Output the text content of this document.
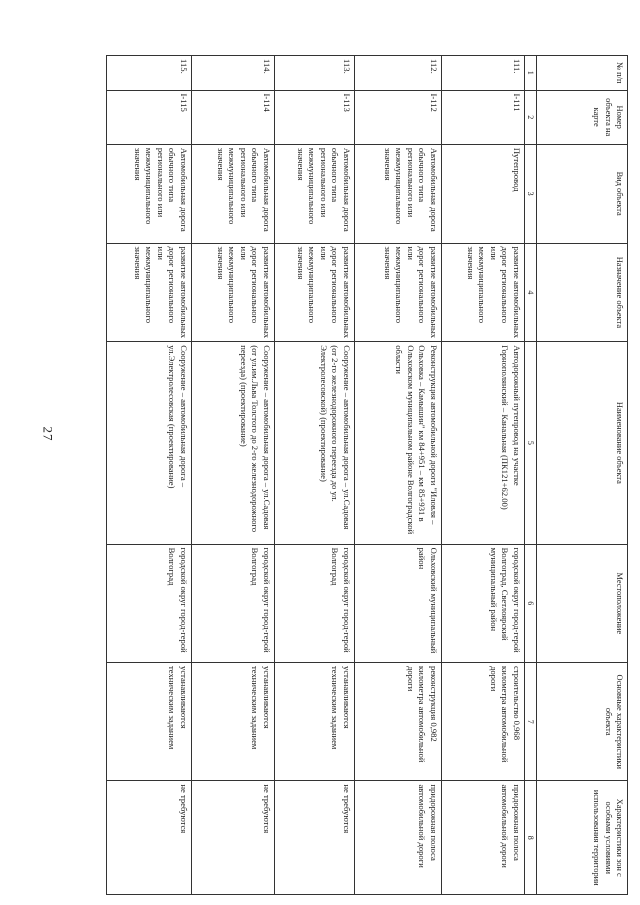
27
№ п/п	Номер объекта на карте	Вид объекта	Назначение объекта	Наименование объекта	Местоположение	Основные характеристики объекта	Характеристики зон с особыми условиями использования территории
1	2	3	4	5	6	7	8
111.	I-111	Путепровод	развитие автомобильных дорог регионального или межмуниципального значения	Автодорожный путепровод на участке Горнополянский – Канальная (ПК121+62.00)	городской округ город-герой Волгоград, Светлоярский муниципальный район	строительство 0,968 километра автомобильной дороги	придорожная полоса автомобильной дороги
112.	I-112	Автомобильная дорога обычного типа регионального или межмуниципального значения	развитие автомобильных дорог регионального или межмуниципального значения	Реконструкция автомобильной дороги "Иловля – Ольховка – Камышин" км 84+951 – км 85+931 в Ольховском муниципальном районе Волгоградской области	Ольховский муниципальный район	реконструкция 0,982 километра автомобильной дороги	придорожная полоса автомобильной дороги
113.	I-113	Автомобильная дорога обычного типа регионального или межмуниципального значения	развитие автомобильных дорог регионального или межмуниципального значения	Сооружение – автомобильная дорога – ул.Садовая (от 2-го железнодорожного переезда до ул. Электролесовской) (проектирование)	городской округ город-герой Волгоград	устанавливаются техническим заданием	не требуются
114.	I-114	Автомобильная дорога обычного типа регионального или межмуниципального значения	развитие автомобильных дорог регионального или межмуниципального значения	Сооружение – автомобильная дорога – ул.Садовая (от ул.им.Льва Толстого до 2-го железнодорожного переезда) (проектирование)	городской округ город-герой Волгоград	устанавливаются техническим заданием	не требуются
115.	I-115	Автомобильная дорога обычного типа регионального или межмуниципального значения	развитие автомобильных дорог регионального или межмуниципального значения	Сооружение – автомобильная дорога – ул.Электролесовская (проектирование)	городской округ город-герой Волгоград	устанавливаются техническим заданием	не требуются
